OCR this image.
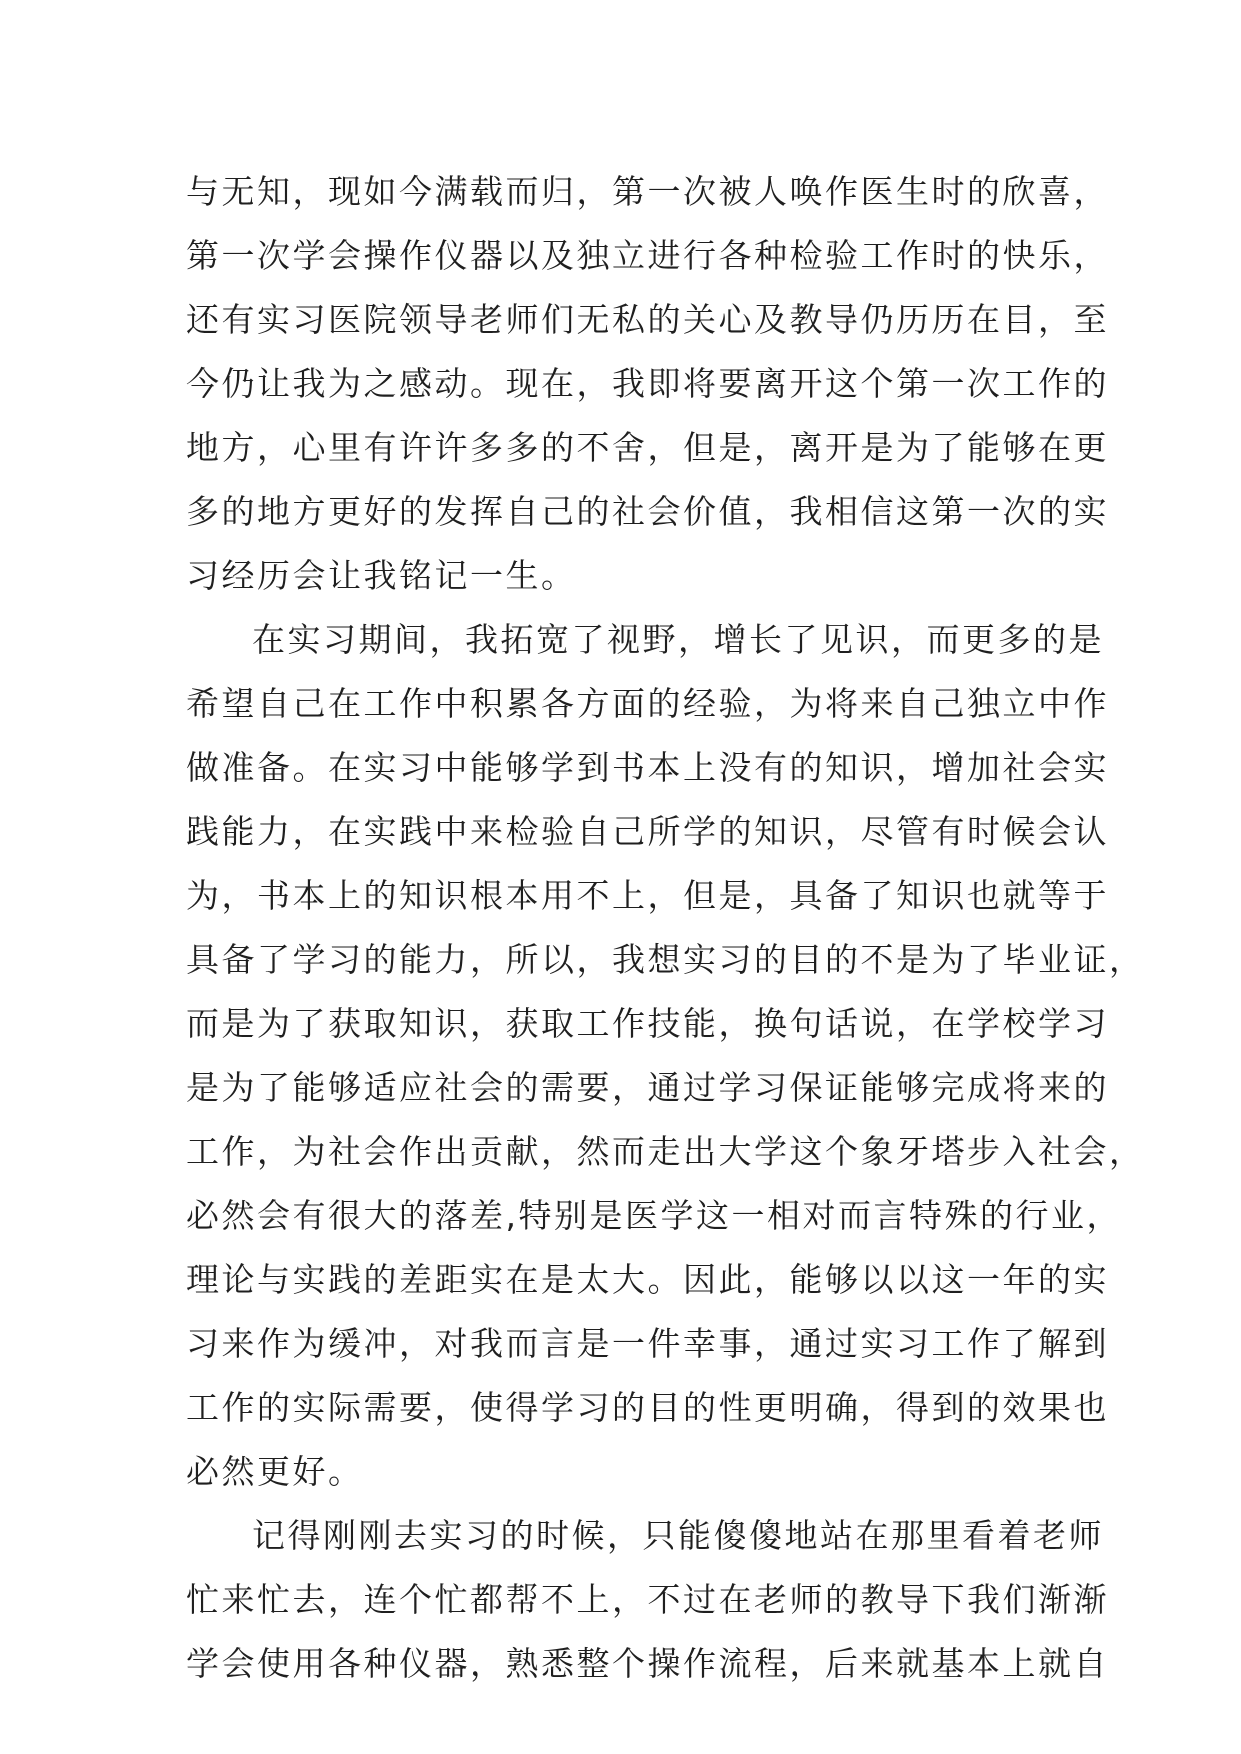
与无知，现如今满载而归，第一次被人唤作医生时的欣喜，
第一次学会操作仪器以及独立进行各种检验工作时的快乐，
还有实习医院领导老师们无私的关心及教导仍历历在目，至
今仍让我为之感动。现在，我即将要离开这个第一次工作的
地方，心里有许许多多的不舍，但是，离开是为了能够在更
多的地方更好的发挥自己的社会价值，我相信这第一次的实
习经历会让我铭记一生。
在实习期间，我拓宽了视野，增长了见识，而更多的是
希望自己在工作中积累各方面的经验，为将来自己独立中作
做准备。在实习中能够学到书本上没有的知识，增加社会实
践能力，在实践中来检验自己所学的知识，尽管有时候会认
为，书本上的知识根本用不上，但是，具备了知识也就等于
具备了学习的能力，所以，我想实习的目的不是为了毕业证，
而是为了获取知识，获取工作技能，换句话说，在学校学习
是为了能够适应社会的需要，通过学习保证能够完成将来的
工作，为社会作出贡献，然而走出大学这个象牙塔步入社会，
必然会有很大的落差,特别是医学这一相对而言特殊的行业，
理论与实践的差距实在是太大。因此，能够以以这一年的实
习来作为缓冲，对我而言是一件幸事，通过实习工作了解到
工作的实际需要，使得学习的目的性更明确，得到的效果也
必然更好。
记得刚刚去实习的时候，只能傻傻地站在那里看着老师
忙来忙去，连个忙都帮不上，不过在老师的教导下我们渐渐
学会使用各种仪器，熟悉整个操作流程，后来就基本上就自
